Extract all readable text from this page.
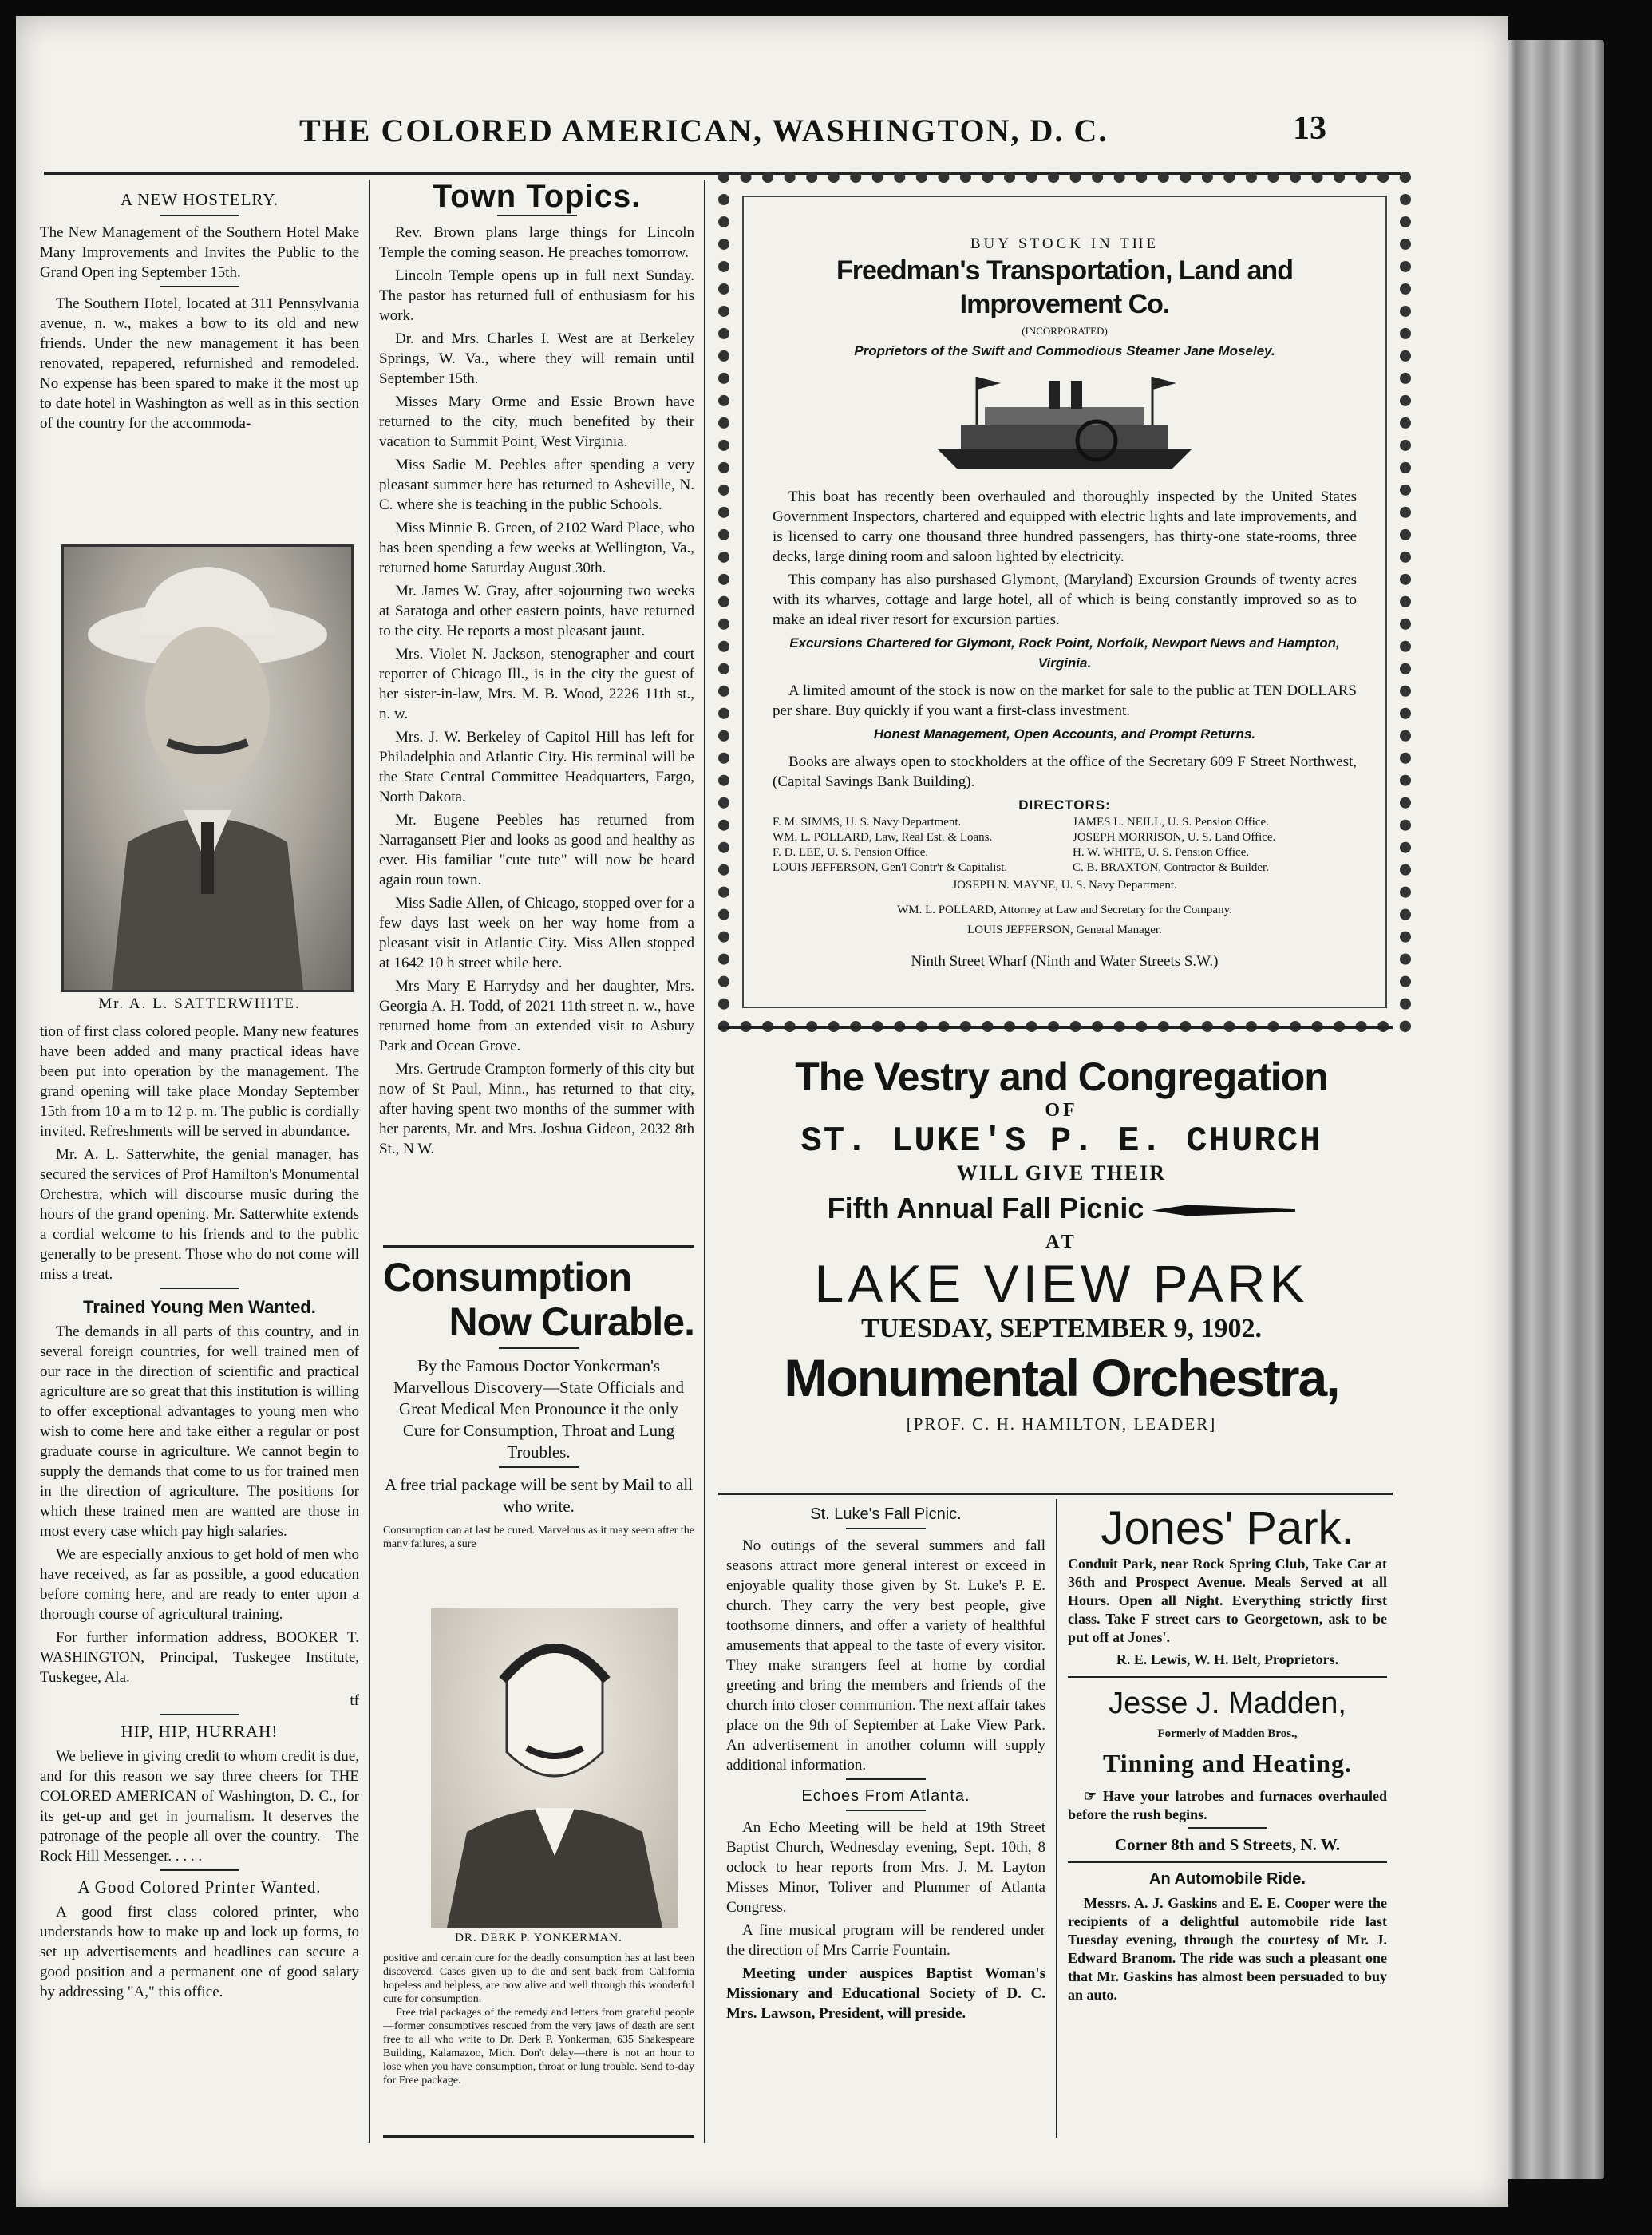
THE COLORED AMERICAN, WASHINGTON, D. C.	13
A NEW HOSTELRY.

The New Management of the Southern Hotel Make Many Improvements and Invites the Public to the Grand Open ing September 15th.

The Southern Hotel, located at 311 Pennsylvania avenue, n. w., makes a bow to its old and new friends. Under the new management it has been renovated, repapered, refurnished and remodeled. No expense has been spared to make it the most up to date hotel in Washington as well as in this section of the country for the accommoda-

Mr. A. L. SATTERWHITE.

tion of first class colored people. Many new features have been added and many practical ideas have been put into operation by the management. The grand opening will take place Monday September 15th from 10 a m to 12 p. m. The public is cordially invited. Refreshments will be served in abundance.

Mr. A. L. Satterwhite, the genial manager, has secured the services of Prof Hamilton's Monumental Orchestra, which will discourse music during the hours of the grand opening. Mr. Satterwhite extends a cordial welcome to his friends and to the public generally to be present. Those who do not come will miss a treat.

Trained Young Men Wanted.

The demands in all parts of this country, and in several foreign countries, for well trained men of our race in the direction of scientific and practical agriculture are so great that this institution is willing to offer exceptional advantages to young men who wish to come here and take either a regular or post graduate course in agriculture. We cannot begin to supply the demands that come to us for trained men in the direction of agriculture. The positions for which these trained men are wanted are those in most every case which pay high salaries.

We are especially anxious to get hold of men who have received, as far as possible, a good education before coming here, and are ready to enter upon a thorough course of agricultural training.

For further information address, BOOKER T. WASHINGTON, Principal, Tuskegee Institute, Tuskegee, Ala.

tf
HIP, HIP, HURRAH!

We believe in giving credit to whom credit is due, and for this reason we say three cheers for THE COLORED AMERICAN of Washington, D. C., for its get-up and get in journalism. It deserves the patronage of the people all over the country.—The Rock Hill Messenger. . . . .

A Good Colored Printer Wanted.

A good first class colored printer, who understands how to make up and lock up forms, to set up advertisements and headlines can secure a good position and a permanent one of good salary by addressing "A," this office.

Town Topics.

Rev. Brown plans large things for Lincoln Temple the coming season. He preaches tomorrow.

Lincoln Temple opens up in full next Sunday. The pastor has returned full of enthusiasm for his work.

Dr. and Mrs. Charles I. West are at Berkeley Springs, W. Va., where they will remain until September 15th.

Misses Mary Orme and Essie Brown have returned to the city, much benefited by their vacation to Summit Point, West Virginia.

Miss Sadie M. Peebles after spending a very pleasant summer here has returned to Asheville, N. C. where she is teaching in the public Schools.

Miss Minnie B. Green, of 2102 Ward Place, who has been spending a few weeks at Wellington, Va., returned home Saturday August 30th.

Mr. James W. Gray, after sojourning two weeks at Saratoga and other eastern points, have returned to the city. He reports a most pleasant jaunt.

Mrs. Violet N. Jackson, stenographer and court reporter of Chicago Ill., is in the city the guest of her sister-in-law, Mrs. M. B. Wood, 2226 11th st., n. w.

Mrs. J. W. Berkeley of Capitol Hill has left for Philadelphia and Atlantic City. His terminal will be the State Central Committee Headquarters, Fargo, North Dakota.

Mr. Eugene Peebles has returned from Narragansett Pier and looks as good and healthy as ever. His familiar "cute tute" will now be heard again roun town.

Miss Sadie Allen, of Chicago, stopped over for a few days last week on her way home from a pleasant visit in Atlantic City. Miss Allen stopped at 1642 10 h street while here.

Mrs Mary E Harrydsy and her daughter, Mrs. Georgia A. H. Todd, of 2021 11th street n. w., have returned home from an extended visit to Asbury Park and Ocean Grove.

Mrs. Gertrude Crampton formerly of this city but now of St Paul, Minn., has returned to that city, after having spent two months of the summer with her parents, Mr. and Mrs. Joshua Gideon, 2032 8th St., N W.

Consumption
Now Curable.
By the Famous Doctor Yonkerman's Marvellous Discovery—State Officials and Great Medical Men Pronounce it the only Cure for Consumption, Throat and Lung Troubles.
A free trial package will be sent by Mail to all who write.
Consumption can at last be cured. Marvelous as it may seem after the many failures, a sure
DR. DERK P. YONKERMAN.
positive and certain cure for the deadly consumption has at last been discovered. Cases given up to die and sent back from California hopeless and helpless, are now alive and well through this wonderful cure for consumption.
Free trial packages of the remedy and letters from grateful people—former consumptives rescued from the very jaws of death are sent free to all who write to Dr. Derk P. Yonkerman, 635 Shakespeare Building, Kalamazoo, Mich. Don't delay—there is not an hour to lose when you have consumption, throat or lung trouble. Send to-day for Free package.
BUY STOCK IN THE
Freedman's Transportation, Land and Improvement Co.
(INCORPORATED)
Proprietors of the Swift and Commodious Steamer Jane Moseley.

This boat has recently been overhauled and thoroughly inspected by the United States Government Inspectors, chartered and equipped with electric lights and late improvements, and is licensed to carry one thousand three hundred passengers, has thirty-one state-rooms, three decks, large dining room and saloon lighted by electricity.

This company has also purshased Glymont, (Maryland) Excursion Grounds of twenty acres with its wharves, cottage and large hotel, all of which is being constantly improved so as to make an ideal river resort for excursion parties.

Excursions Chartered for Glymont, Rock Point, Norfolk, Newport News and Hampton, Virginia.

A limited amount of the stock is now on the market for sale to the public at TEN DOLLARS per share. Buy quickly if you want a first-class investment.

Honest Management, Open Accounts, and Prompt Returns.

Books are always open to stockholders at the office of the Secretary 609 F Street Northwest, (Capital Savings Bank Building).

DIRECTORS:
F. M. SIMMS, U. S. Navy Department.	JAMES L. NEILL, U. S. Pension Office.
WM. L. POLLARD, Law, Real Est. & Loans.	JOSEPH MORRISON, U. S. Land Office.
F. D. LEE, U. S. Pension Office.	H. W. WHITE, U. S. Pension Office.
LOUIS JEFFERSON, Gen'l Contr'r & Capitalist.	C. B. BRAXTON, Contractor & Builder.
JOSEPH N. MAYNE, U. S. Navy Department.
WM. L. POLLARD, Attorney at Law and Secretary for the Company.
LOUIS JEFFERSON, General Manager.
Ninth Street Wharf (Ninth and Water Streets S.W.)
The Vestry and Congregation
OF
ST. LUKE'S P. E. CHURCH
WILL GIVE THEIR
Fifth Annual Fall Picnic
AT
LAKE VIEW PARK
TUESDAY, SEPTEMBER 9, 1902.
Monumental Orchestra,
[PROF. C. H. HAMILTON, LEADER]
St. Luke's Fall Picnic.

No outings of the several summers and fall seasons attract more general interest or exceed in enjoyable quality those given by St. Luke's P. E. church. They carry the very best people, give toothsome dinners, and offer a variety of healthful amusements that appeal to the taste of every visitor. They make strangers feel at home by cordial greeting and bring the members and friends of the church into closer communion. The next affair takes place on the 9th of September at Lake View Park. An advertisement in another column will supply additional information.

Echoes From Atlanta.

An Echo Meeting will be held at 19th Street Baptist Church, Wednesday evening, Sept. 10th, 8 oclock to hear reports from Mrs. J. M. Layton Misses Minor, Toliver and Plummer of Atlanta Congress.

A fine musical program will be rendered under the direction of Mrs Carrie Fountain.

Meeting under auspices Baptist Woman's Missionary and Educational Society of D. C. Mrs. Lawson, President, will preside.

Jones' Park.

Conduit Park, near Rock Spring Club, Take Car at 36th and Prospect Avenue. Meals Served at all Hours. Open all Night. Everything strictly first class. Take F street cars to Georgetown, ask to be put off at Jones'.

R. E. Lewis, W. H. Belt, Proprietors.
Jesse J. Madden,
Formerly of Madden Bros.,
Tinning and Heating.

☞ Have your latrobes and furnaces overhauled before the rush begins.

Corner 8th and S Streets, N. W.
An Automobile Ride.

Messrs. A. J. Gaskins and E. E. Cooper were the recipients of a delightful automobile ride last Tuesday evening, through the courtesy of Mr. J. Edward Branom. The ride was such a pleasant one that Mr. Gaskins has almost been persuaded to buy an auto.
